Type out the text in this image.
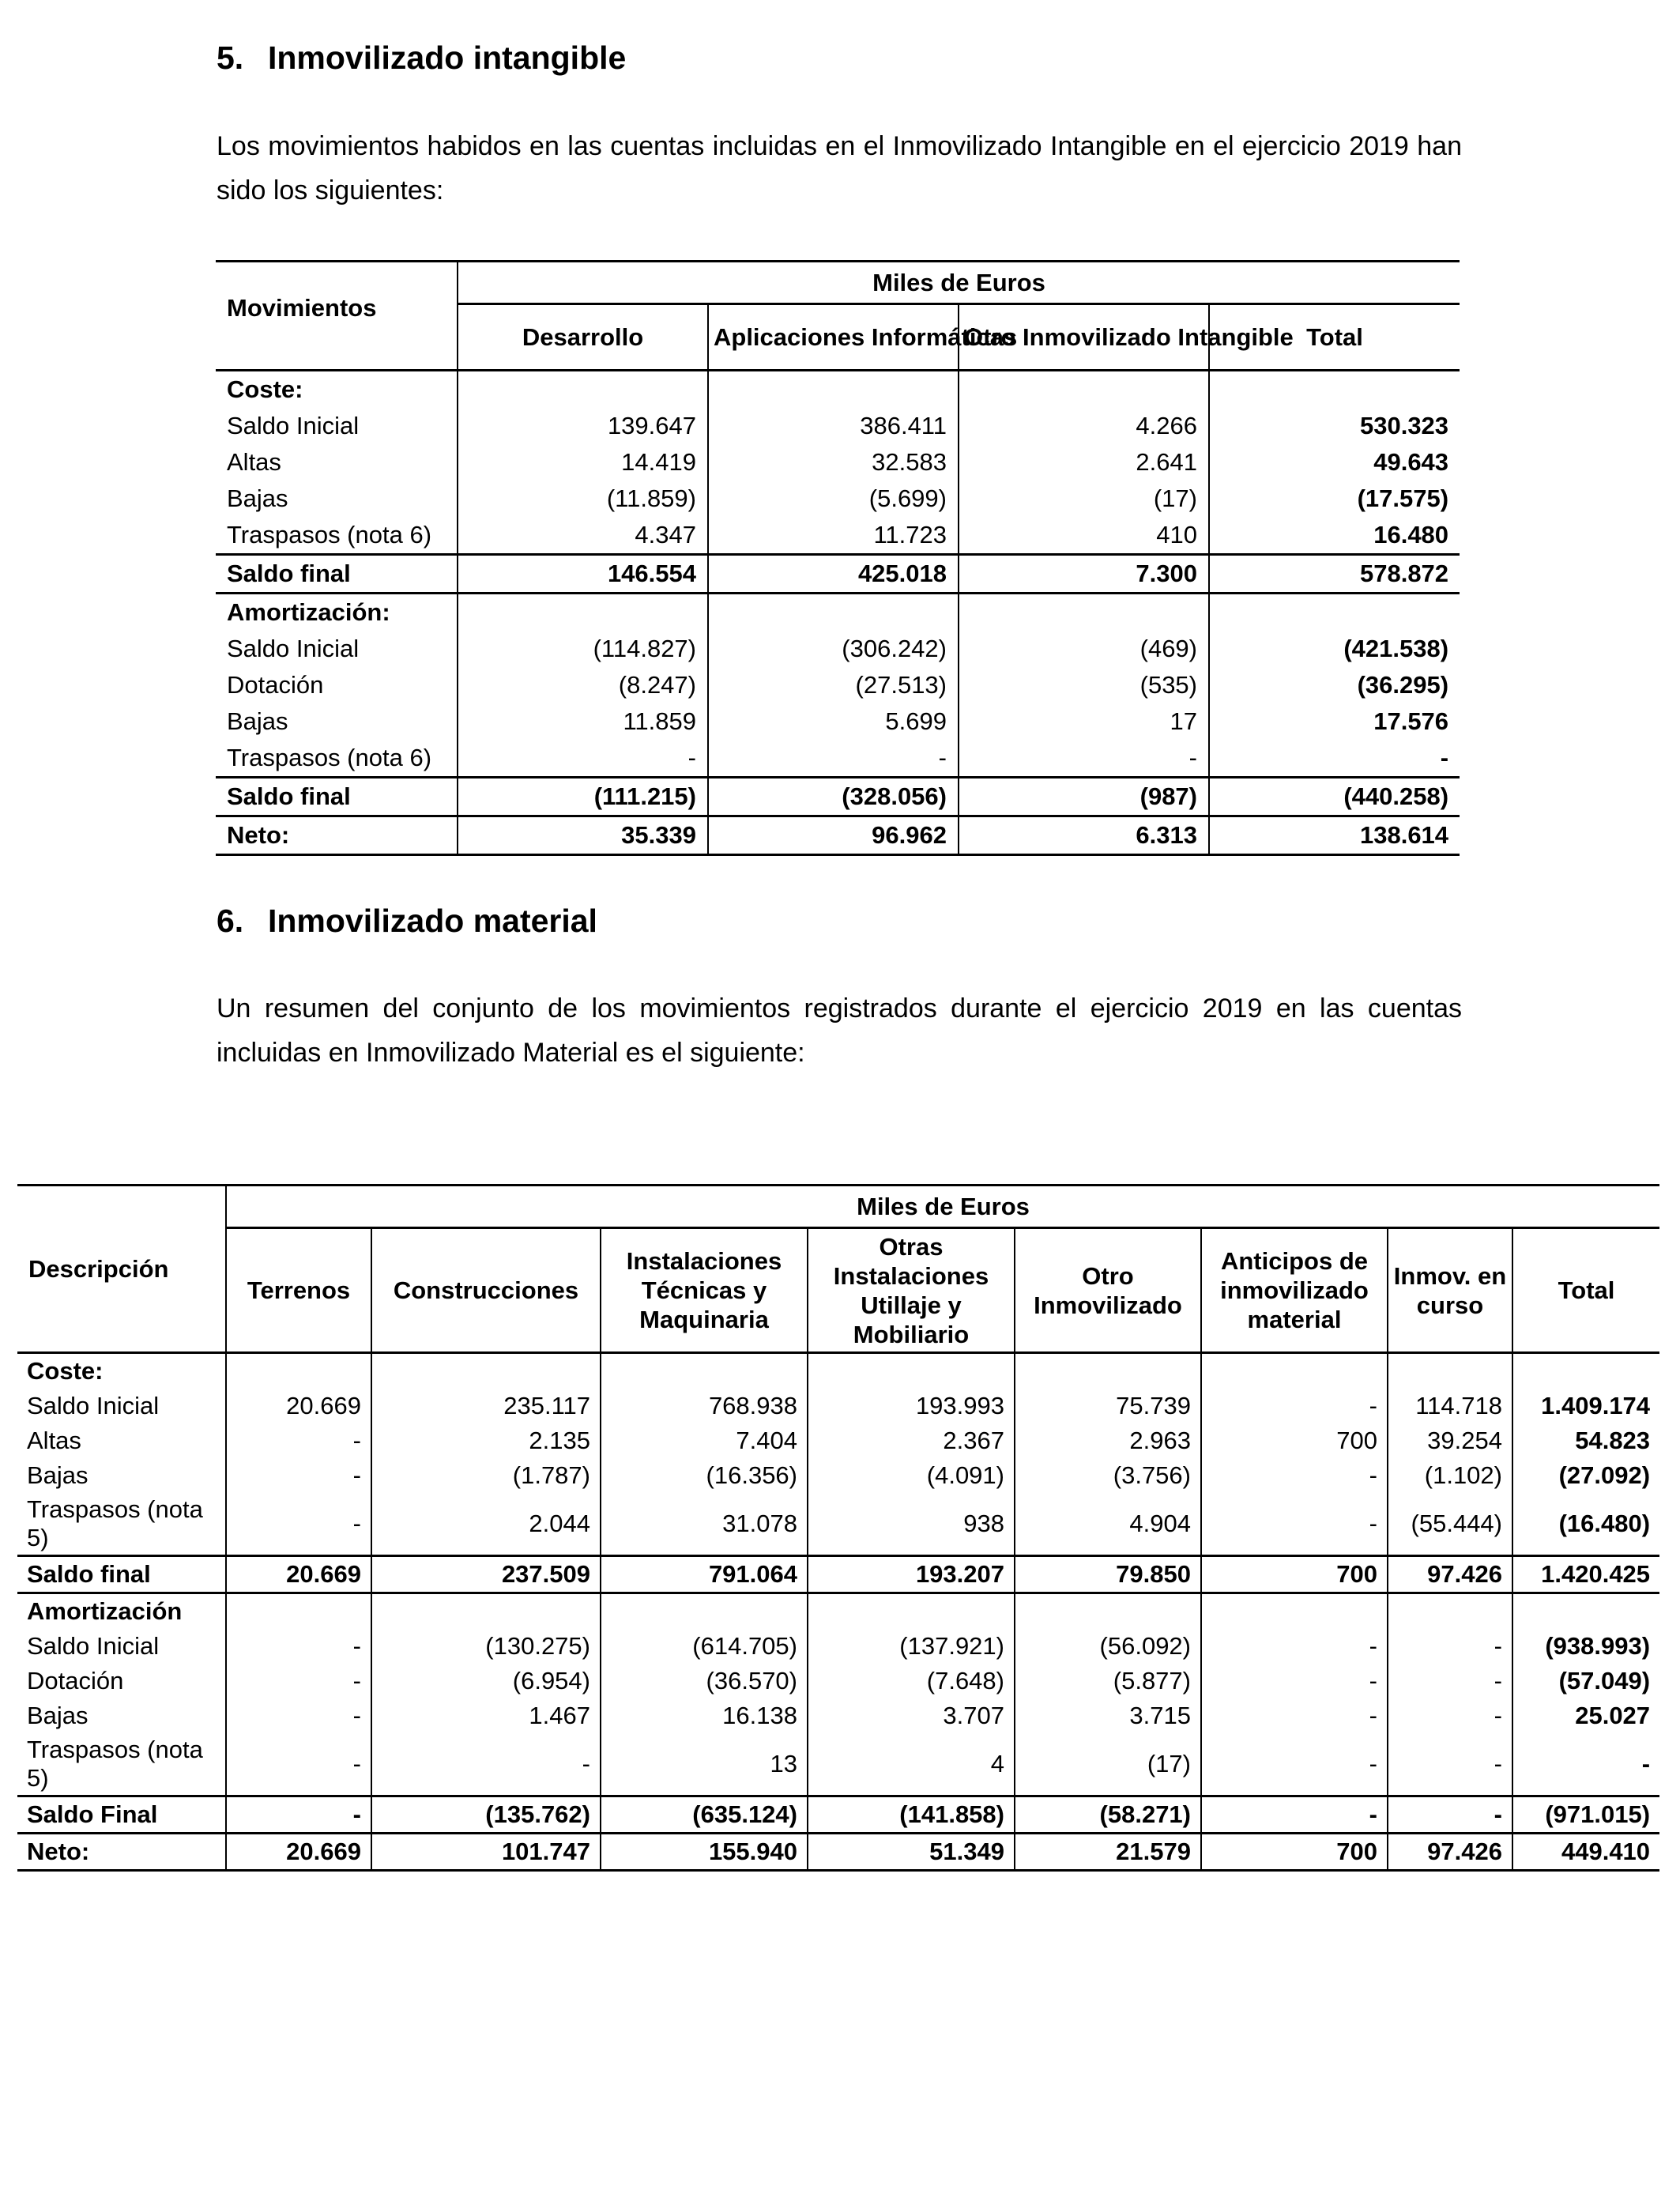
5. Inmovilizado intangible

Los movimientos habidos en las cuentas incluidas en el Inmovilizado Intangible en el ejercicio 2019 han sido los siguientes:

Movimientos	Miles de Euros			
	Desarrollo	Aplicaciones Informáticas	Otro Inmovilizado Intangible	Total
Coste:				
Saldo Inicial	139.647	386.411	4.266	530.323
Altas	14.419	32.583	2.641	49.643
Bajas	(11.859)	(5.699)	(17)	(17.575)
Traspasos (nota 6)	4.347	11.723	410	16.480
Saldo final	146.554	425.018	7.300	578.872
Amortización:				
Saldo Inicial	(114.827)	(306.242)	(469)	(421.538)
Dotación	(8.247)	(27.513)	(535)	(36.295)
Bajas	11.859	5.699	17	17.576
Traspasos (nota 6)	-	-	-	-
Saldo final	(111.215)	(328.056)	(987)	(440.258)
Neto:	35.339	96.962	6.313	138.614
6. Inmovilizado material

Un resumen del conjunto de los movimientos registrados durante el ejercicio 2019 en las cuentas incluidas en Inmovilizado Material es el siguiente:

Descripción	Miles de Euros							
	Terrenos	Construcciones	Instalaciones Técnicas y Maquinaria	Otras Instalaciones Utillaje y Mobiliario	Otro Inmovilizado	Anticipos de inmovilizado material	Inmov. en curso	Total
Coste:								
Saldo Inicial	20.669	235.117	768.938	193.993	75.739	-	114.718	1.409.174
Altas	-	2.135	7.404	2.367	2.963	700	39.254	54.823
Bajas	-	(1.787)	(16.356)	(4.091)	(3.756)	-	(1.102)	(27.092)
Traspasos (nota 5)	-	2.044	31.078	938	4.904	-	(55.444)	(16.480)
Saldo final	20.669	237.509	791.064	193.207	79.850	700	97.426	1.420.425
Amortización								
Saldo Inicial	-	(130.275)	(614.705)	(137.921)	(56.092)	-	-	(938.993)
Dotación	-	(6.954)	(36.570)	(7.648)	(5.877)	-	-	(57.049)
Bajas	-	1.467	16.138	3.707	3.715	-	-	25.027
Traspasos (nota 5)	-	-	13	4	(17)	-	-	-
Saldo Final	-	(135.762)	(635.124)	(141.858)	(58.271)	-	-	(971.015)
Neto:	20.669	101.747	155.940	51.349	21.579	700	97.426	449.410
